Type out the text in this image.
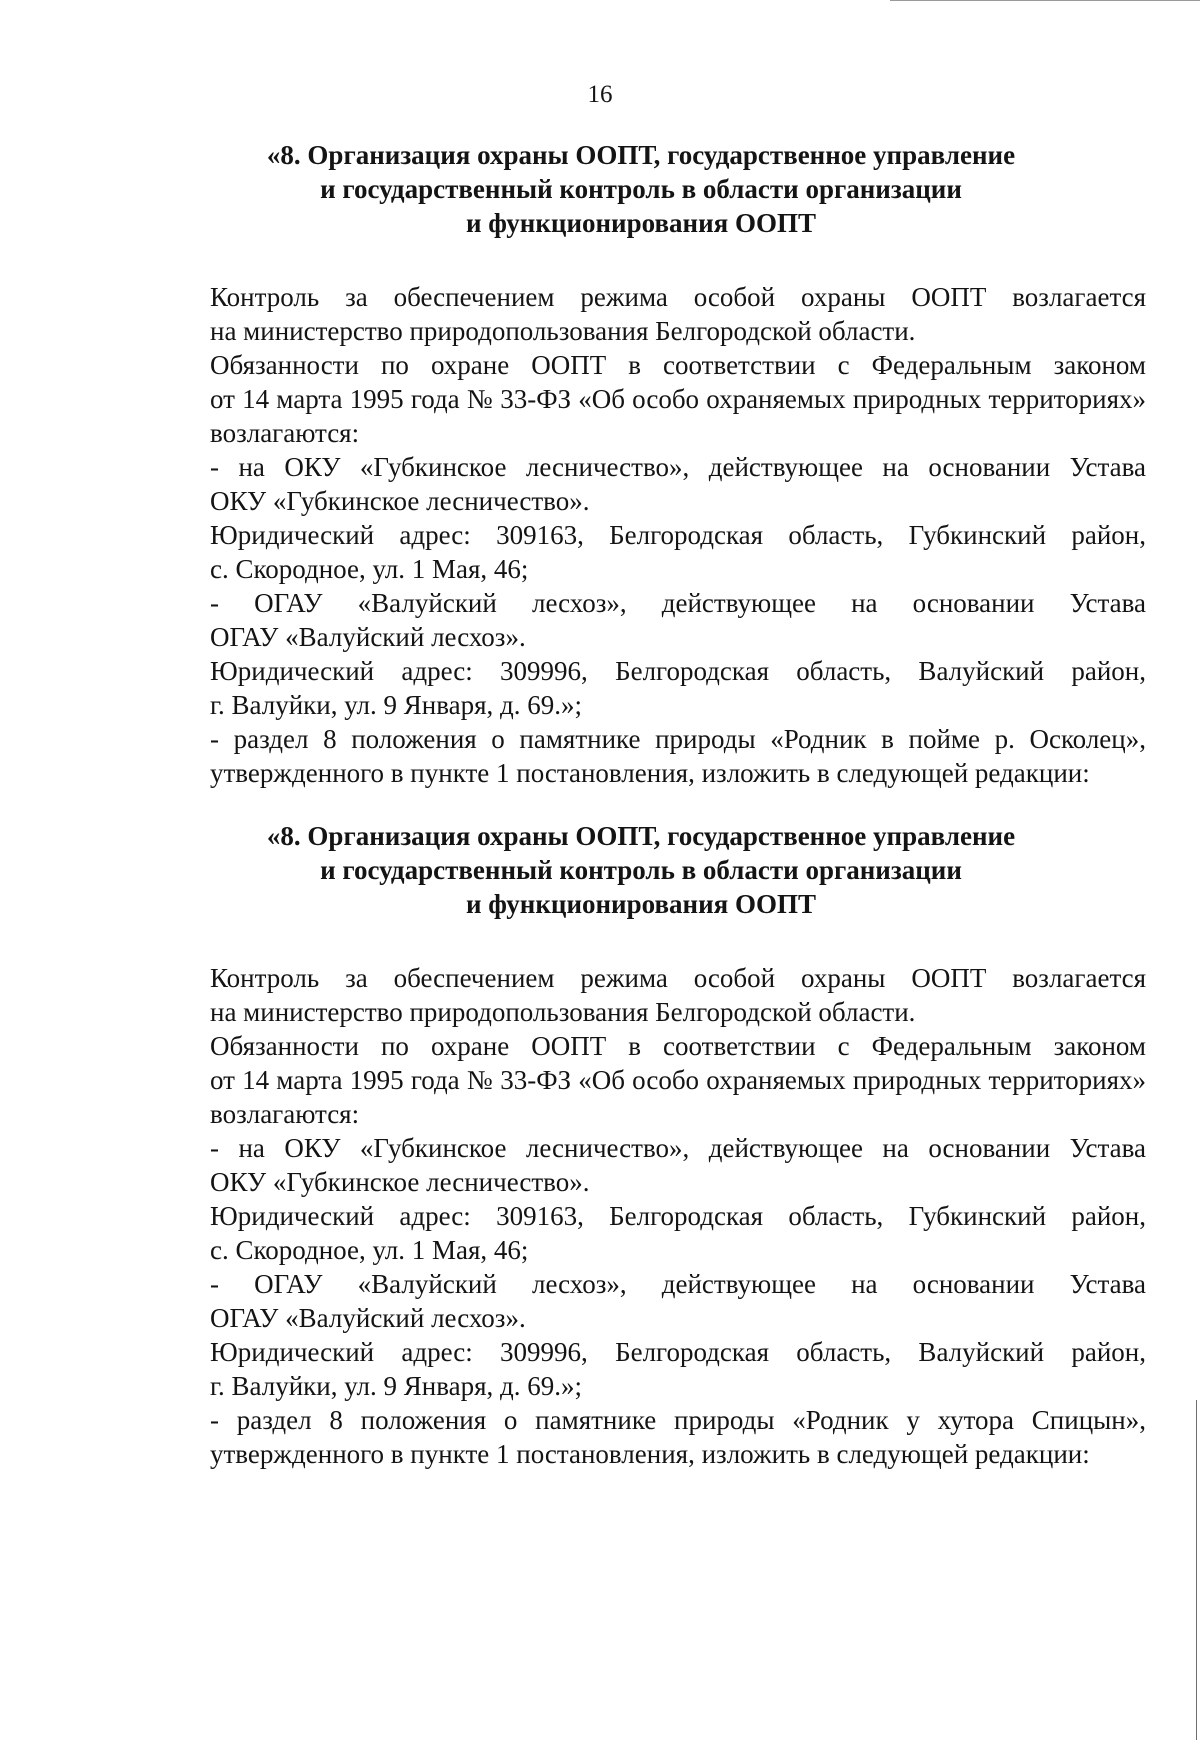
16
«8. Организация охраны ООПТ, государственное управление
и государственный контроль в области организации
и функционирования ООПТ

Контроль за обеспечением режима особой охраны ООПТ возлагается
на министерство природопользования Белгородской области.

Обязанности по охране ООПТ в соответствии с Федеральным законом
от 14 марта 1995 года № 33-ФЗ «Об особо охраняемых природных территориях»
возлагаются:

- на ОКУ «Губкинское лесничество», действующее на основании Устава
ОКУ «Губкинское лесничество».

Юридический адрес: 309163, Белгородская область, Губкинский район,
с. Скородное, ул. 1 Мая, 46;

- ОГАУ «Валуйский лесхоз», действующее на основании Устава
ОГАУ «Валуйский лесхоз».

Юридический адрес: 309996, Белгородская область, Валуйский район,
г. Валуйки, ул. 9 Января, д. 69.»;

- раздел 8 положения о памятнике природы «Родник в пойме р. Осколец»,
утвержденного в пункте 1 постановления, изложить в следующей редакции:

«8. Организация охраны ООПТ, государственное управление
и государственный контроль в области организации
и функционирования ООПТ

Контроль за обеспечением режима особой охраны ООПТ возлагается
на министерство природопользования Белгородской области.

Обязанности по охране ООПТ в соответствии с Федеральным законом
от 14 марта 1995 года № 33-ФЗ «Об особо охраняемых природных территориях»
возлагаются:

- на ОКУ «Губкинское лесничество», действующее на основании Устава
ОКУ «Губкинское лесничество».

Юридический адрес: 309163, Белгородская область, Губкинский район,
с. Скородное, ул. 1 Мая, 46;

- ОГАУ «Валуйский лесхоз», действующее на основании Устава
ОГАУ «Валуйский лесхоз».

Юридический адрес: 309996, Белгородская область, Валуйский район,
г. Валуйки, ул. 9 Января, д. 69.»;

- раздел 8 положения о памятнике природы «Родник у хутора Спицын»,
утвержденного в пункте 1 постановления, изложить в следующей редакции:
